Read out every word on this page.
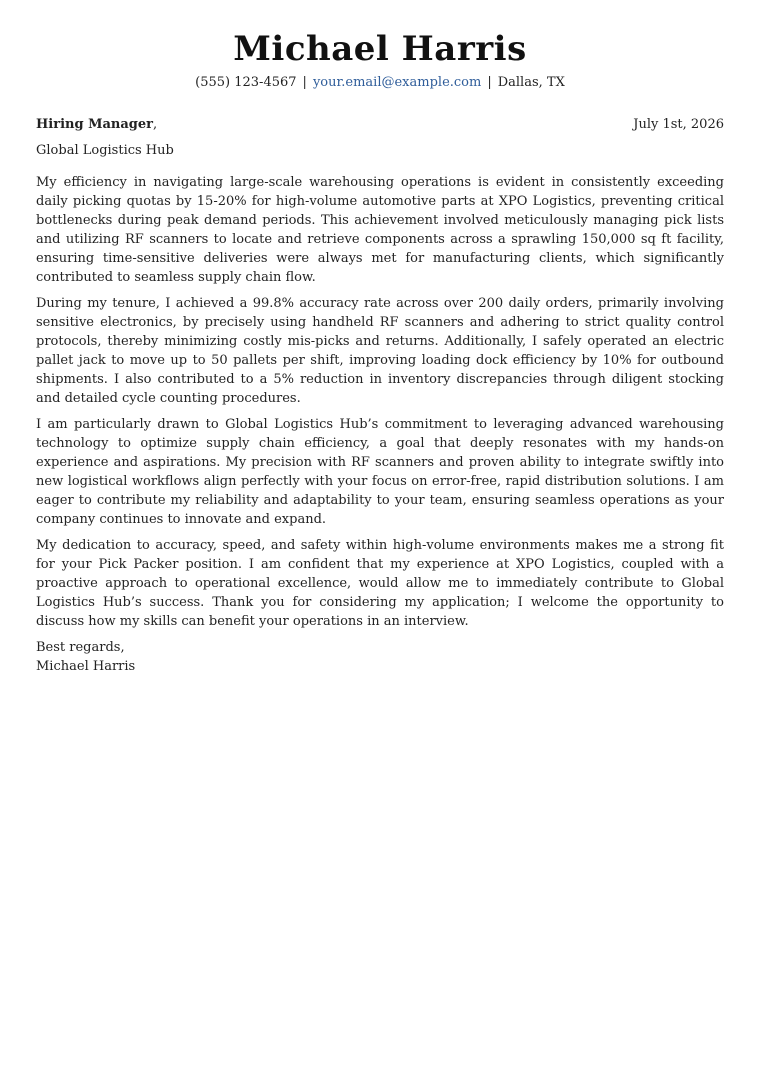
Michael Harris
(555) 123-4567 | your.email@example.com | Dallas, TX
Hiring Manager,	July 1st, 2026
Global Logistics Hub

My efficiency in navigating large-scale warehousing operations is evident in consistently exceeding daily picking quotas by 15-20% for high-volume automotive parts at XPO Logistics, preventing critical bottlenecks during peak demand periods. This achievement involved meticulously managing pick lists and utilizing RF scanners to locate and retrieve components across a sprawling 150,000 sq ft facility, ensuring time-sensitive deliveries were always met for manufacturing clients, which significantly contributed to seamless supply chain flow.

During my tenure, I achieved a 99.8% accuracy rate across over 200 daily orders, primarily involving sensitive electronics, by precisely using handheld RF scanners and adhering to strict quality control protocols, thereby minimizing costly mis-picks and returns. Additionally, I safely operated an electric pallet jack to move up to 50 pallets per shift, improving loading dock efficiency by 10% for outbound shipments. I also contributed to a 5% reduction in inventory discrepancies through diligent stocking and detailed cycle counting procedures.

I am particularly drawn to Global Logistics Hub’s commitment to leveraging advanced warehousing technology to optimize supply chain efficiency, a goal that deeply resonates with my hands-on experience and aspirations. My precision with RF scanners and proven ability to integrate swiftly into new logistical workflows align perfectly with your focus on error-free, rapid distribution solutions. I am eager to contribute my reliability and adaptability to your team, ensuring seamless operations as your company continues to innovate and expand.

My dedication to accuracy, speed, and safety within high-volume environments makes me a strong fit for your Pick Packer position. I am confident that my experience at XPO Logistics, coupled with a proactive approach to operational excellence, would allow me to immediately contribute to Global Logistics Hub’s success. Thank you for considering my application; I welcome the opportunity to discuss how my skills can benefit your operations in an interview.

Best regards,
Michael Harris
